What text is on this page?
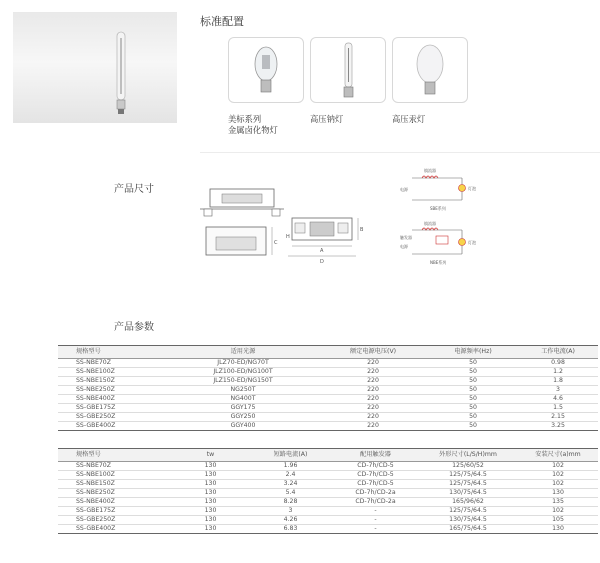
标准配置
美标系列
金属卤化物灯
高压钠灯	高压汞灯
产品尺寸
C
A
D
B
H
镇流器
灯泡
电源
SBE系列
镇流器
触发器
灯泡
电源
NBE系列
产品参数
规格型号	适用光源	额定电源电压(V)	电源频率(Hz)	工作电流(A)
SS-NBE70Z	JLZ70-ED/NG70T	220	50	0.98
SS-NBE100Z	JLZ100-ED/NG100T	220	50	1.2
SS-NBE150Z	JLZ150-ED/NG150T	220	50	1.8
SS-NBE250Z	NG250T	220	50	3
SS-NBE400Z	NG400T	220	50	4.6
SS-GBE175Z	GGY175	220	50	1.5
SS-GBE250Z	GGY250	220	50	2.15
SS-GBE400Z	GGY400	220	50	3.25
规格型号	tw	短路电流(A)	配用触发器	外形尺寸(L/S/H)mm	安装尺寸(a)mm
SS-NBE70Z	130	1.96	CD-7h/CD-5	125/60/52	102
SS-NBE100Z	130	2.4	CD-7h/CD-5	125/75/64.5	102
SS-NBE150Z	130	3.24	CD-7h/CD-5	125/75/64.5	102
SS-NBE250Z	130	5.4	CD-7h/CD-2a	130/75/64.5	130
SS-NBE400Z	130	8.28	CD-7h/CD-2a	165/96/62	135
SS-GBE175Z	130	3	-	125/75/64.5	102
SS-GBE250Z	130	4.26	-	130/75/64.5	105
SS-GBE400Z	130	6.83	-	165/75/64.5	130
